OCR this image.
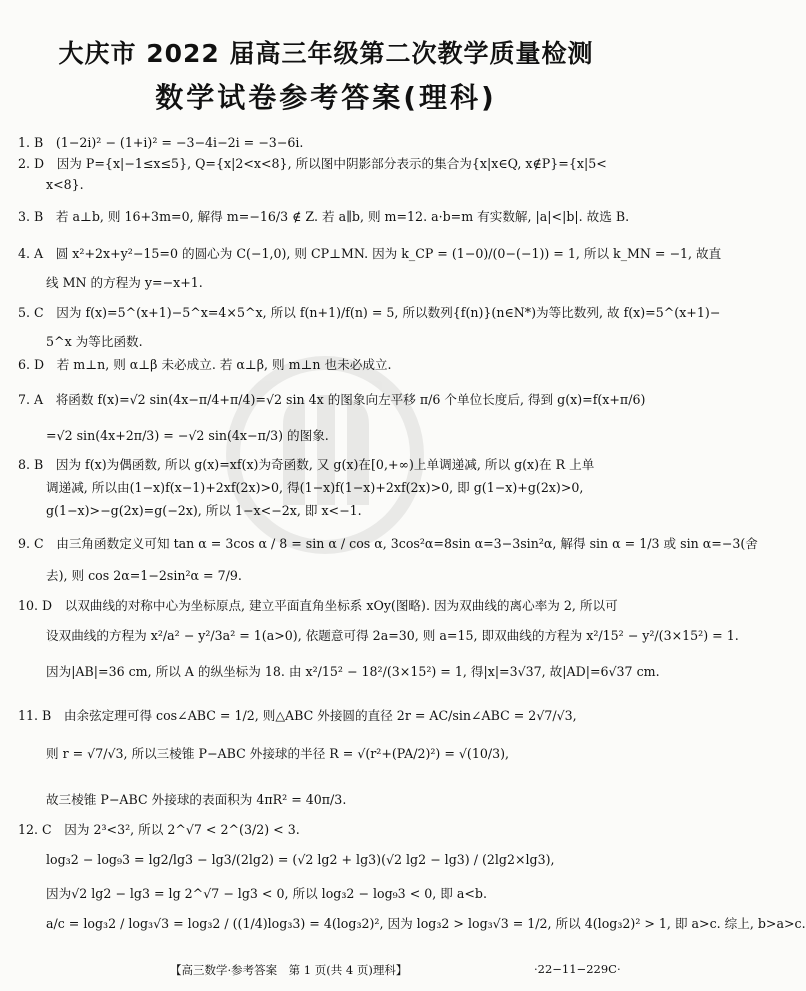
大庆市 2022 届高三年级第二次教学质量检测
数学试卷参考答案(理科)
1. B　(1−2i)² − (1+i)² = −3−4i−2i = −3−6i.
2. D　因为 P={x|−1≤x≤5}, Q={x|2<x<8}, 所以图中阴影部分表示的集合为{x|x∈Q, x∉P}={x|5<
x<8}.
3. B　若 a⊥b, 则 16+3m=0, 解得 m=−16/3 ∉ Z. 若 a∥b, 则 m=12. a·b=m 有实数解, |a|<|b|. 故选 B.
4. A　圆 x²+2x+y²−15=0 的圆心为 C(−1,0), 则 CP⊥MN. 因为 k_CP = (1−0)/(0−(−1)) = 1, 所以 k_MN = −1, 故直
线 MN 的方程为 y=−x+1.
5. C　因为 f(x)=5^(x+1)−5^x=4×5^x, 所以 f(n+1)/f(n) = 5, 所以数列{f(n)}(n∈N*)为等比数列, 故 f(x)=5^(x+1)−
5^x 为等比函数.
6. D　若 m⊥n, 则 α⊥β 未必成立. 若 α⊥β, 则 m⊥n 也未必成立.
7. A　将函数 f(x)=√2 sin(4x−π/4+π/4)=√2 sin 4x 的图象向左平移 π/6 个单位长度后, 得到 g(x)=f(x+π/6)
=√2 sin(4x+2π/3) = −√2 sin(4x−π/3) 的图象.
8. B　因为 f(x)为偶函数, 所以 g(x)=xf(x)为奇函数, 又 g(x)在[0,+∞)上单调递减, 所以 g(x)在 R 上单
调递减, 所以由(1−x)f(x−1)+2xf(2x)>0, 得(1−x)f(1−x)+2xf(2x)>0, 即 g(1−x)+g(2x)>0,
g(1−x)>−g(2x)=g(−2x), 所以 1−x<−2x, 即 x<−1.
9. C　由三角函数定义可知 tan α = 3cos α / 8 = sin α / cos α, 3cos²α=8sin α=3−3sin²α, 解得 sin α = 1/3 或 sin α=−3(舍
去), 则 cos 2α=1−2sin²α = 7/9.
10. D　以双曲线的对称中心为坐标原点, 建立平面直角坐标系 xOy(图略). 因为双曲线的离心率为 2, 所以可
设双曲线的方程为 x²/a² − y²/3a² = 1(a>0), 依题意可得 2a=30, 则 a=15, 即双曲线的方程为 x²/15² − y²/(3×15²) = 1.
因为|AB|=36 cm, 所以 A 的纵坐标为 18. 由 x²/15² − 18²/(3×15²) = 1, 得|x|=3√37, 故|AD|=6√37 cm.
11. B　由余弦定理可得 cos∠ABC = 1/2, 则△ABC 外接圆的直径 2r = AC/sin∠ABC = 2√7/√3,
则 r = √7/√3, 所以三棱锥 P−ABC 外接球的半径 R = √(r²+(PA/2)²) = √(10/3),
故三棱锥 P−ABC 外接球的表面积为 4πR² = 40π/3.
12. C　因为 2³<3², 所以 2^√7 < 2^(3/2) < 3.
log₃2 − log₉3 = lg2/lg3 − lg3/(2lg2) = (√2 lg2 + lg3)(√2 lg2 − lg3) / (2lg2×lg3),
因为√2 lg2 − lg3 = lg 2^√7 − lg3 < 0, 所以 log₃2 − log₉3 < 0, 即 a<b.
a/c = log₃2 / log₃√3 = log₃2 / ((1/4)log₃3) = 4(log₃2)², 因为 log₃2 > log₃√3 = 1/2, 所以 4(log₃2)² > 1, 即 a>c. 综上, b>a>c.
【高三数学·参考答案　第 1 页(共 4 页)理科】	·22−11−229C·
